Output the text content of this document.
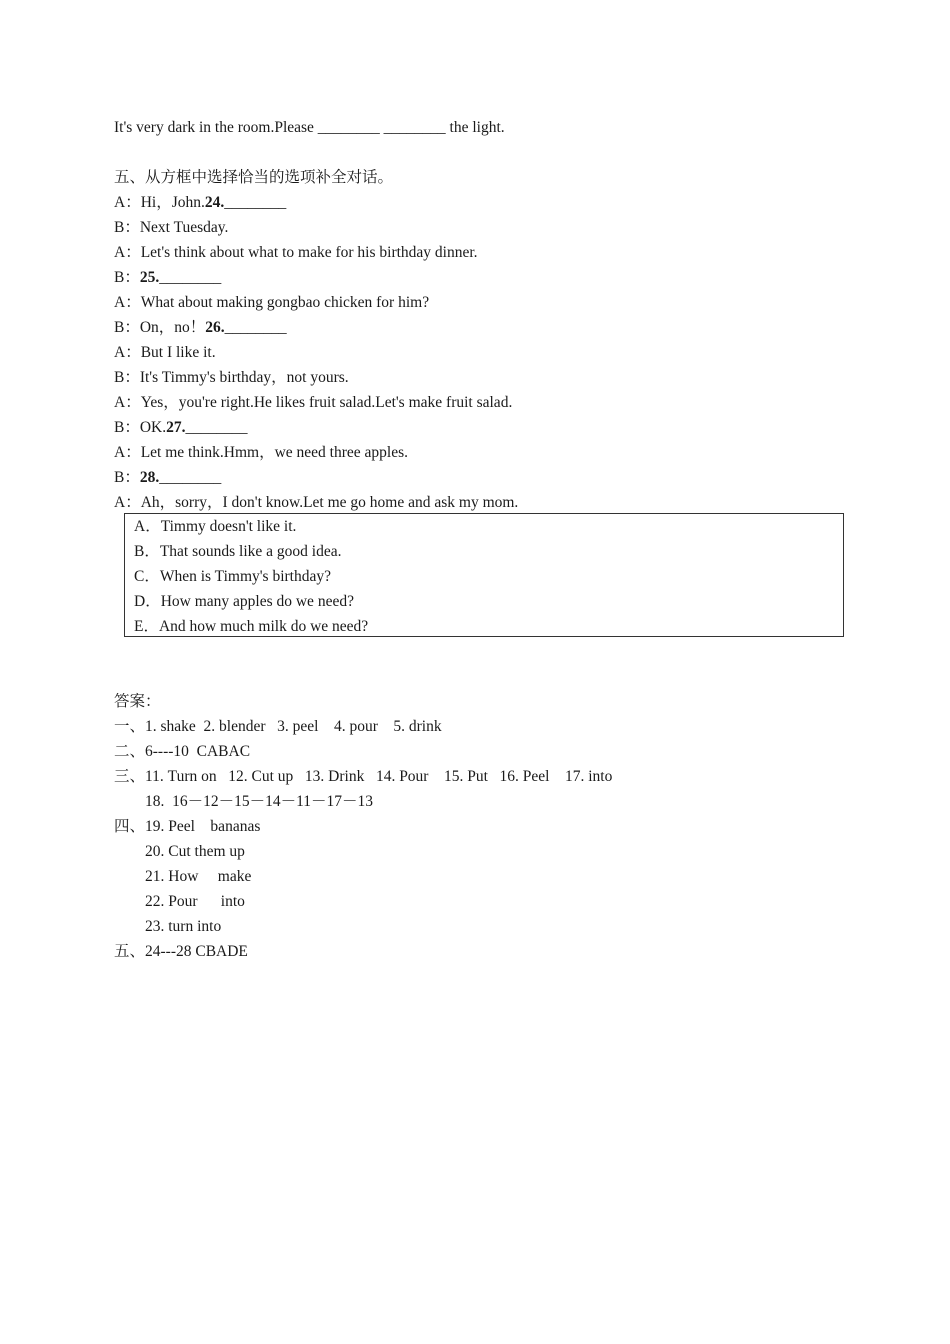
It's very dark in the room.Please ________ ________ the light.
五、从方框中选择恰当的选项补全对话。
A：Hi，John.24.________
B：Next Tuesday.
A：Let's think about what to make for his birthday dinner.
B：25.________
A：What about making gongbao chicken for him?
B：On，no！26.________
A：But I like it.
B：It's Timmy's birthday，not yours.
A：Yes，you're right.He likes fruit salad.Let's make fruit salad.
B：OK.27.________
A：Let me think.Hmm，we need three apples.
B：28.________
A：Ah，sorry，I don't know.Let me go home and ask my mom.
A．Timmy doesn't like it.
B．That sounds like a good idea.
C．When is Timmy's birthday?
D．How many apples do we need?
E．And how much milk do we need?
答案：
一、1. shake  2. blender   3. peel    4. pour    5. drink
二、6----10  CABAC
三、11. Turn on   12. Cut up   13. Drink   14. Pour    15. Put   16. Peel    17. into
18.  16－12－15－14－11－17－13
四、19. Peel    bananas
20. Cut them up
21. How     make
22. Pour      into
23. turn into
五、24---28 CBADE
